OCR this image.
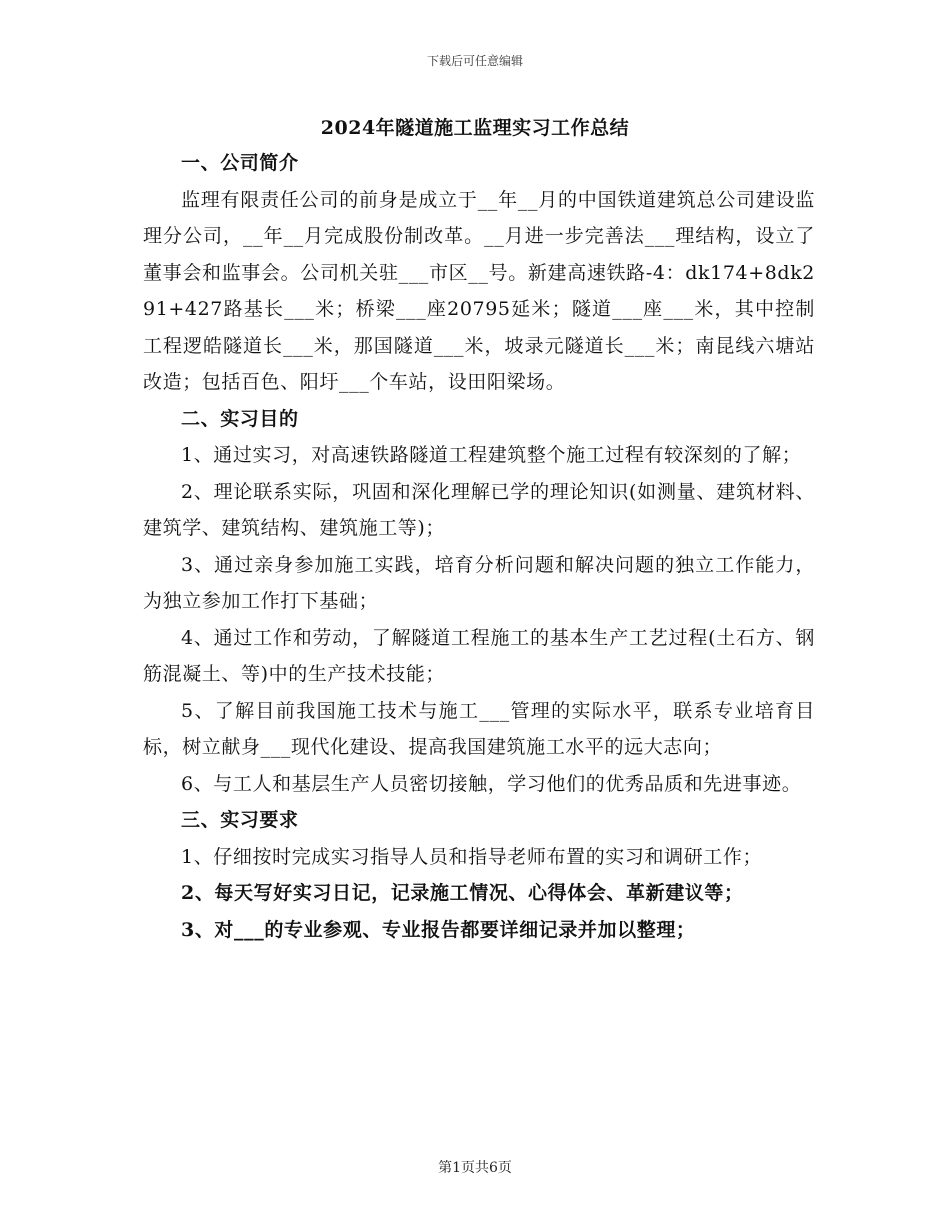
下载后可任意编辑
2024年隧道施工监理实习工作总结

一、公司简介

监理有限责任公司的前身是成立于__年__月的中国铁道建筑总公司建设监理分公司，__年__月完成股份制改革。__月进一步完善法___理结构，设立了董事会和监事会。公司机关驻___市区__号。新建高速铁路-4：dk174+8dk291+427路基长___米；桥梁___座20795延米；隧道___座___米，其中控制工程逻皓隧道长___米，那国隧道___米，坡录元隧道长___米；南昆线六塘站改造；包括百色、阳圩___个车站，设田阳梁场。

二、实习目的

1、通过实习，对高速铁路隧道工程建筑整个施工过程有较深刻的了解；

2、理论联系实际，巩固和深化理解已学的理论知识(如测量、建筑材料、建筑学、建筑结构、建筑施工等)；

3、通过亲身参加施工实践，培育分析问题和解决问题的独立工作能力，为独立参加工作打下基础；

4、通过工作和劳动，了解隧道工程施工的基本生产工艺过程(土石方、钢筋混凝土、等)中的生产技术技能；

5、了解目前我国施工技术与施工___管理的实际水平，联系专业培育目标，树立献身___现代化建设、提高我国建筑施工水平的远大志向；

6、与工人和基层生产人员密切接触，学习他们的优秀品质和先进事迹。

三、实习要求

1、仔细按时完成实习指导人员和指导老师布置的实习和调研工作；

2、每天写好实习日记，记录施工情况、心得体会、革新建议等；

3、对___的专业参观、专业报告都要详细记录并加以整理；

第1页共6页
